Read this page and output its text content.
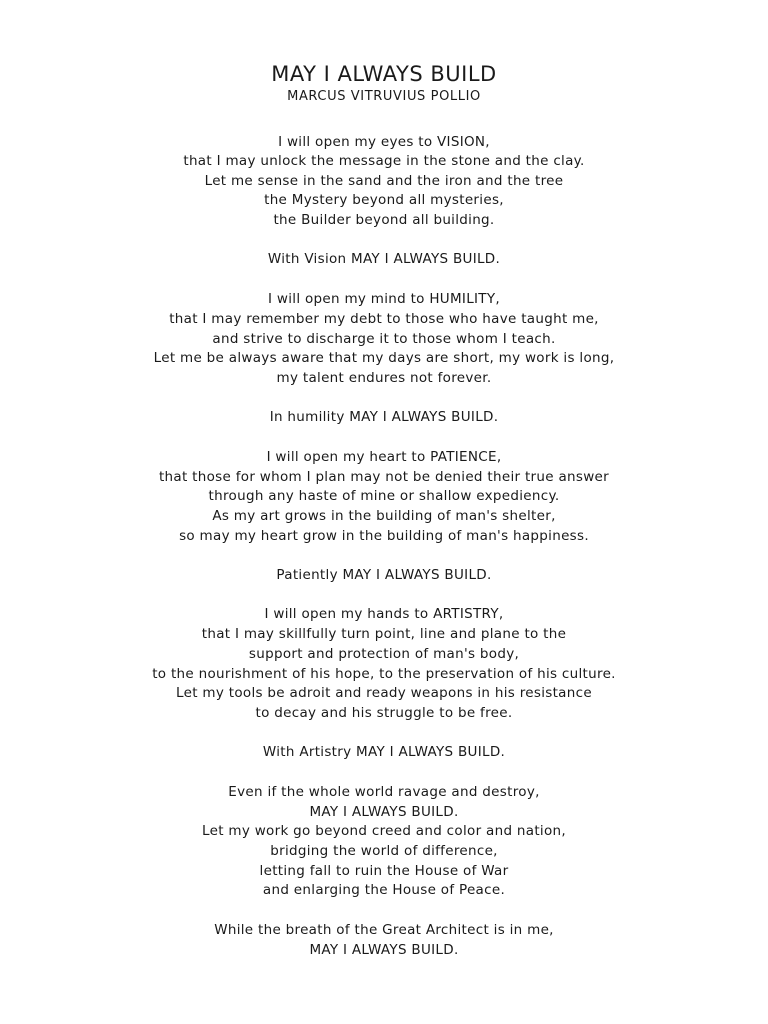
MAY I ALWAYS BUILD
MARCUS VITRUVIUS POLLIO
I will open my eyes to VISION,
that I may unlock the message in the stone and the clay.
Let me sense in the sand and the iron and the tree
the Mystery beyond all mysteries,
the Builder beyond all building.
With Vision MAY I ALWAYS BUILD.
I will open my mind to HUMILITY,
that I may remember my debt to those who have taught me,
and strive to discharge it to those whom I teach.
Let me be always aware that my days are short, my work is long,
my talent endures not forever.
In humility MAY I ALWAYS BUILD.
I will open my heart to PATIENCE,
that those for whom I plan may not be denied their true answer
through any haste of mine or shallow expediency.
As my art grows in the building of man's shelter,
so may my heart grow in the building of man's happiness.
Patiently MAY I ALWAYS BUILD.
I will open my hands to ARTISTRY,
that I may skillfully turn point, line and plane to the
support and protection of man's body,
to the nourishment of his hope, to the preservation of his culture.
Let my tools be adroit and ready weapons in his resistance
to decay and his struggle to be free.
With Artistry MAY I ALWAYS BUILD.
Even if the whole world ravage and destroy,
MAY I ALWAYS BUILD.
Let my work go beyond creed and color and nation,
bridging the world of difference,
letting fall to ruin the House of War
and enlarging the House of Peace.
While the breath of the Great Architect is in me,
MAY I ALWAYS BUILD.
